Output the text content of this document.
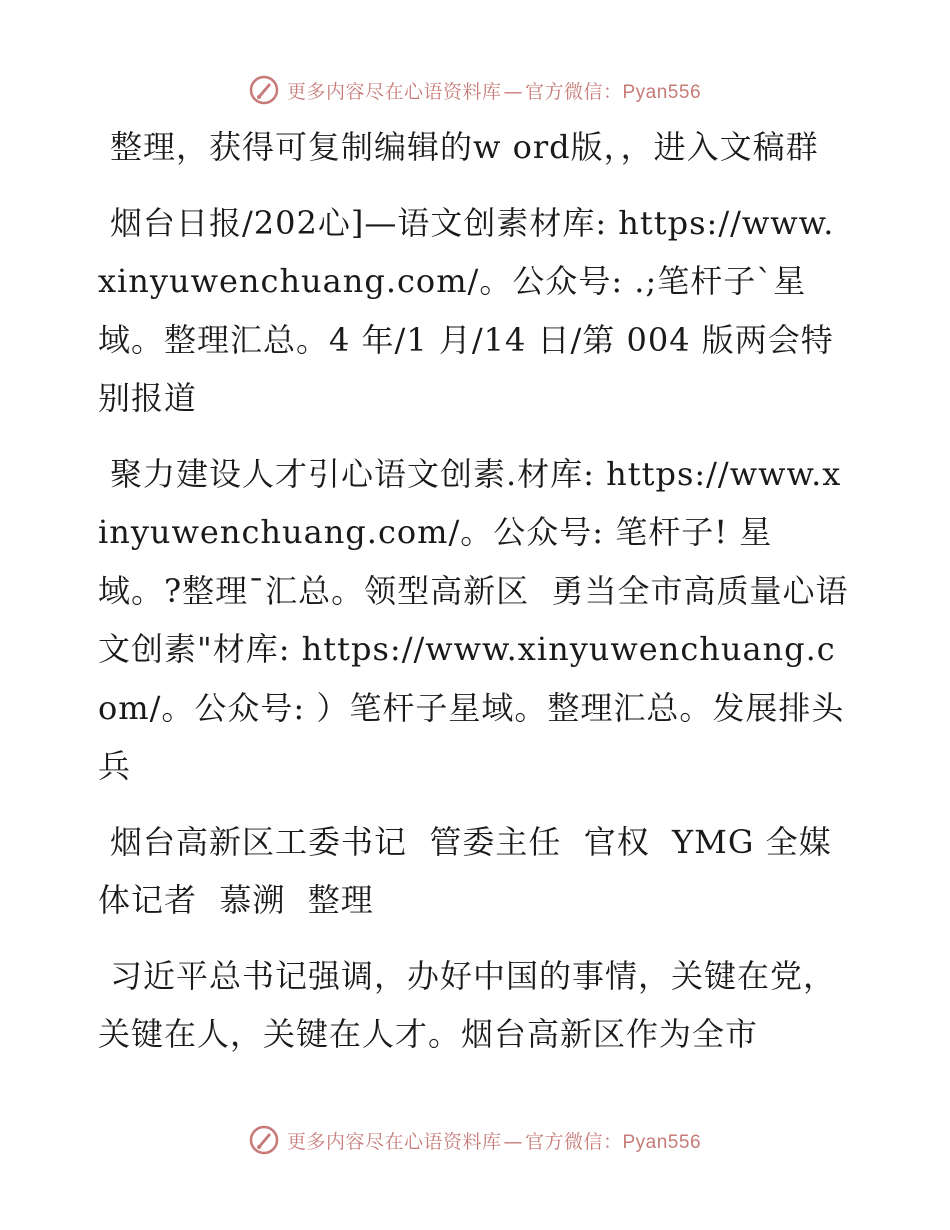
更多内容尽在心语资料库 — 官方微信：Pyan556

整理，获得可复制编辑的w ord版，，进入文稿群

烟台日报/202心]—语文创素材库: https://www.xinyuwenchuang.com/。公众号: .;笔杆子`星域。整理汇总。4 年/1 月/14 日/第 004 版两会特别报道

聚力建设人才引心语文创素.材库: https://www.xinyuwenchuang.com/。公众号: 笔杆子! 星域。?整理¯汇总。领型高新区  勇当全市高质量心语文创素"材库: https://www.xinyuwenchuang.com/。公众号: ）笔杆子星域。整理汇总。发展排头兵

烟台高新区工委书记  管委主任  官权  YMG 全媒体记者  慕溯  整理

习近平总书记强调，办好中国的事情，关键在党，关键在人，关键在人才。烟台高新区作为全市

更多内容尽在心语资料库 — 官方微信：Pyan556
